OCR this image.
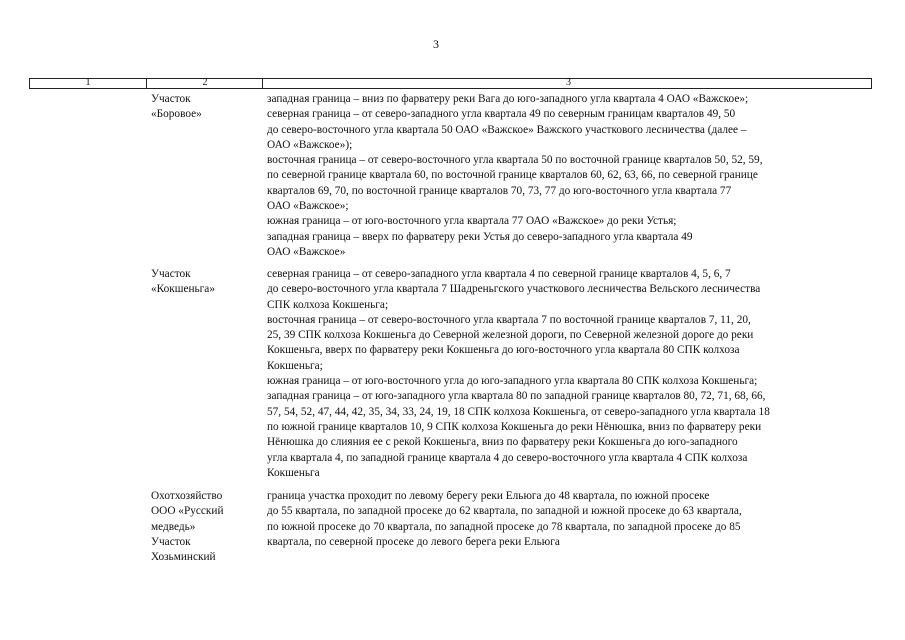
3
1	2	3
Участок
«Боровое»
западная граница – вниз по фарватеру реки Вага до юго-западного угла квартала 4 ОАО «Важское»;
северная граница – от северо-западного угла квартала 49 по северным границам кварталов 49, 50
до северо-восточного угла квартала 50 ОАО «Важское» Важского участкового лесничества (далее –
ОАО «Важское»);
восточная граница – от северо-восточного угла квартала 50 по восточной границе кварталов 50, 52, 59,
по северной границе квартала 60, по восточной границе кварталов 60, 62, 63, 66, по северной границе
кварталов 69, 70, по восточной границе кварталов 70, 73, 77 до юго-восточного угла квартала 77
ОАО «Важское»;
южная граница – от юго-восточного угла квартала 77 ОАО «Важское» до реки Устья;
западная граница – вверх по фарватеру реки Устья до северо-западного угла квартала 49
ОАО «Важское»
Участок
«Кокшеньга»
северная граница – от северо-западного угла квартала 4 по северной границе кварталов 4, 5, 6, 7
до северо-восточного угла квартала 7 Шадреньгского участкового лесничества Вельского лесничества
СПК колхоза Кокшеньга;
восточная граница – от северо-восточного угла квартала 7 по восточной границе кварталов 7, 11, 20,
25, 39 СПК колхоза Кокшеньга до Северной железной дороги, по Северной железной дороге до реки
Кокшеньга, вверх по фарватеру реки Кокшеньга до юго-восточного угла квартала 80 СПК колхоза
Кокшеньга;
южная граница – от юго-восточного угла до юго-западного угла квартала 80 СПК колхоза Кокшеньга;
западная граница – от юго-западного угла квартала 80 по западной границе кварталов 80, 72, 71, 68, 66,
57, 54, 52, 47, 44, 42, 35, 34, 33, 24, 19, 18 СПК колхоза Кокшеньга, от северо-западного угла квартала 18
по южной границе кварталов 10, 9 СПК колхоза Кокшеньга до реки Нёнюшка, вниз по фарватеру реки
Нёнюшка до слияния ее с рекой Кокшеньга, вниз по фарватеру реки Кокшеньга до юго-западного
угла квартала 4, по западной границе квартала 4 до северо-восточного угла квартала 4 СПК колхоза
Кокшеньга
Охотхозяйство
ООО «Русский
медведь»
Участок
Хозьминский
граница участка проходит по левому берегу реки Ельюга до 48 квартала, по южной просеке
до 55 квартала, по западной просеке до 62 квартала, по западной и южной просеке до 63 квартала,
по южной просеке до 70 квартала, по западной просеке до 78 квартала, по западной просеке до 85
квартала, по северной просеке до левого берега реки Ельюга
